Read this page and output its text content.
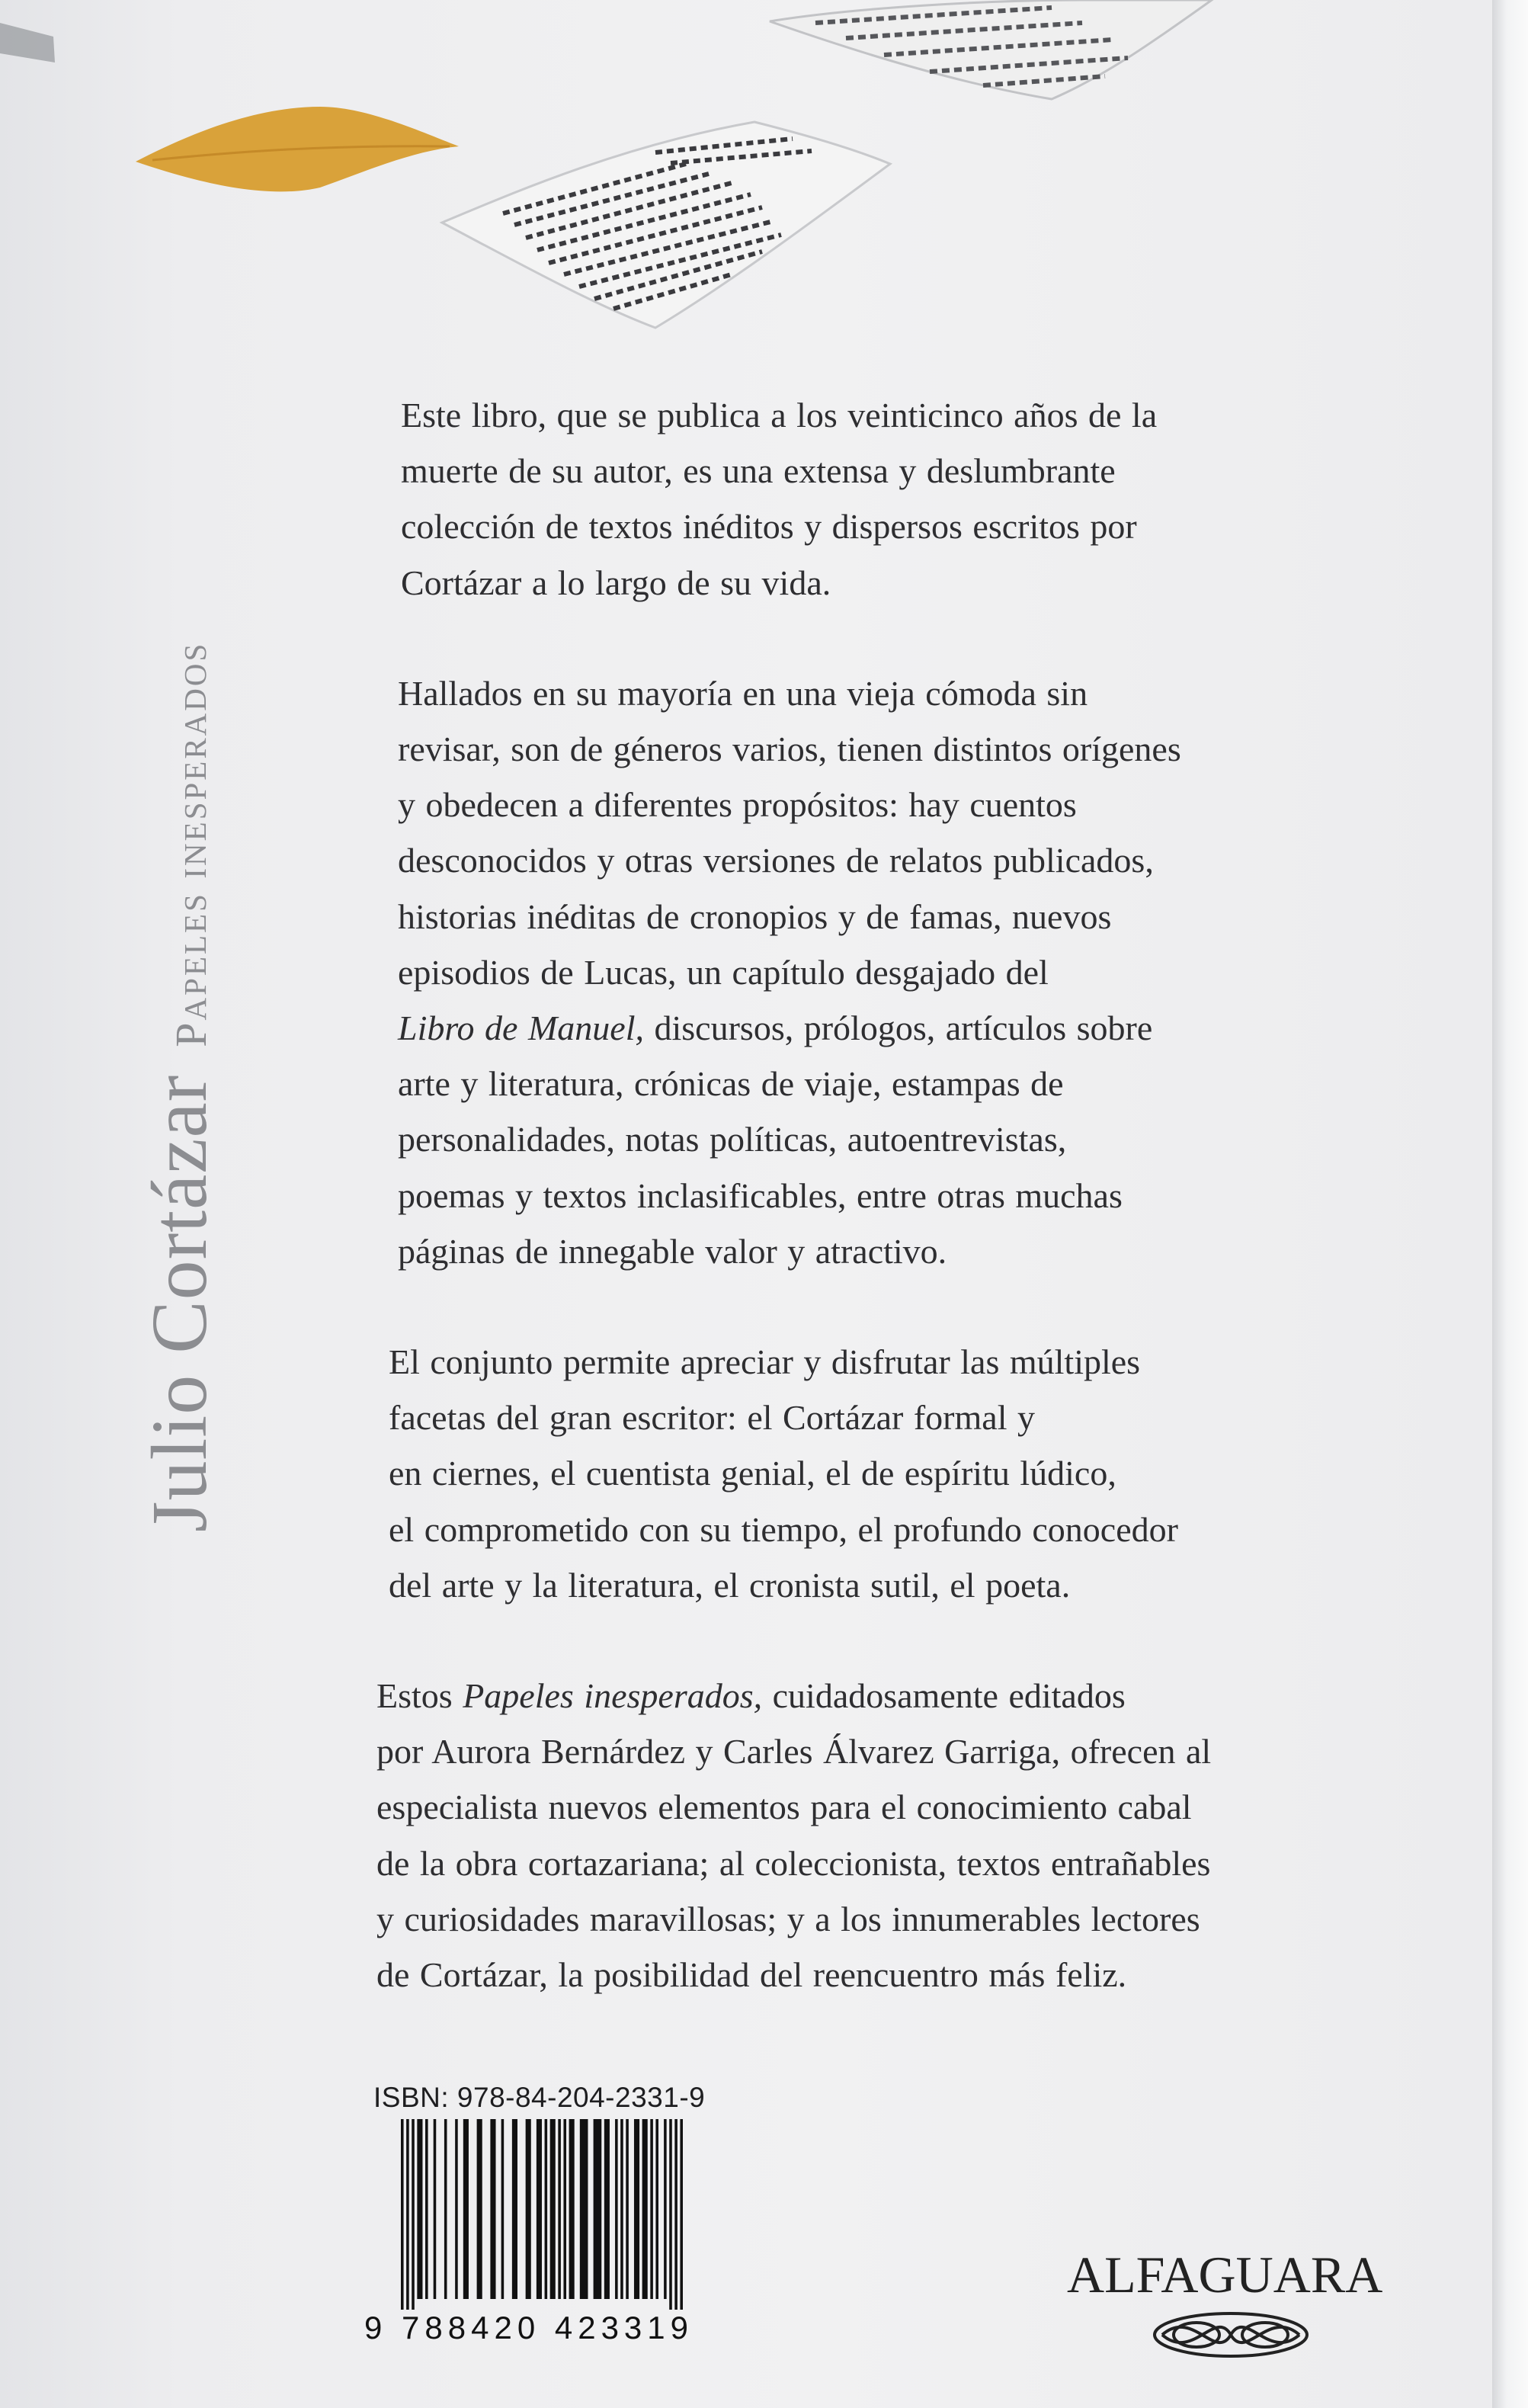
Julio CortázarPapeles inesperados

Este libro, que se publica a los veinticinco años de la
muerte de su autor, es una extensa y deslumbrante
colección de textos inéditos y dispersos escritos por
Cortázar a lo largo de su vida.

Hallados en su mayoría en una vieja cómoda sin
revisar, son de géneros varios, tienen distintos orígenes
y obedecen a diferentes propósitos: hay cuentos
desconocidos y otras versiones de relatos publicados,
historias inéditas de cronopios y de famas, nuevos
episodios de Lucas, un capítulo desgajado del
Libro de Manuel, discursos, prólogos, artículos sobre
arte y literatura, crónicas de viaje, estampas de
personalidades, notas políticas, autoentrevistas,
poemas y textos inclasificables, entre otras muchas
páginas de innegable valor y atractivo.

El conjunto permite apreciar y disfrutar las múltiples
facetas del gran escritor: el Cortázar formal y
en ciernes, el cuentista genial, el de espíritu lúdico,
el comprometido con su tiempo, el profundo conocedor
del arte y la literatura, el cronista sutil, el poeta.

Estos Papeles inesperados, cuidadosamente editados
por Aurora Bernárdez y Carles Álvarez Garriga, ofrecen al
especialista nuevos elementos para el conocimiento cabal
de la obra cortazariana; al coleccionista, textos entrañables
y curiosidades maravillosas; y a los innumerables lectores
de Cortázar, la posibilidad del reencuentro más feliz.

ISBN: 978-84-204-2331-9
9 788420 423319
ALFAGUARA
